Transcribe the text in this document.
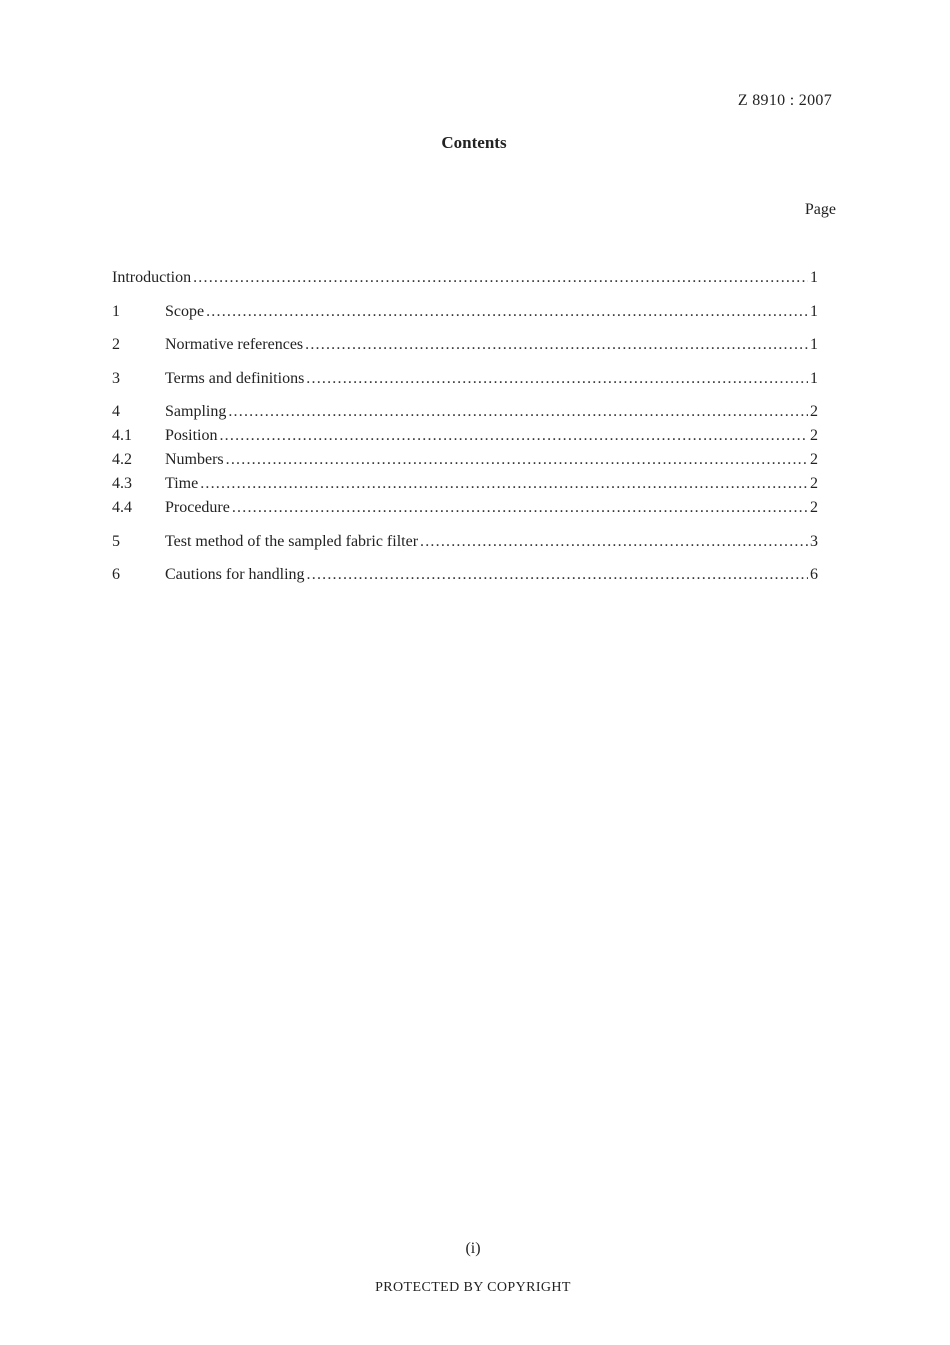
Z 8910 : 2007
Contents
Page
Introduction .....	1
1	Scope .....	1
2	Normative references .....	1
3	Terms and definitions .....	1
4	Sampling .....	2
4.1	Position .....	2
4.2	Numbers .....	2
4.3	Time .....	2
4.4	Procedure .....	2
5	Test method of the sampled fabric filter .....	3
6	Cautions for handling .....	6
(i)
PROTECTED BY COPYRIGHT
